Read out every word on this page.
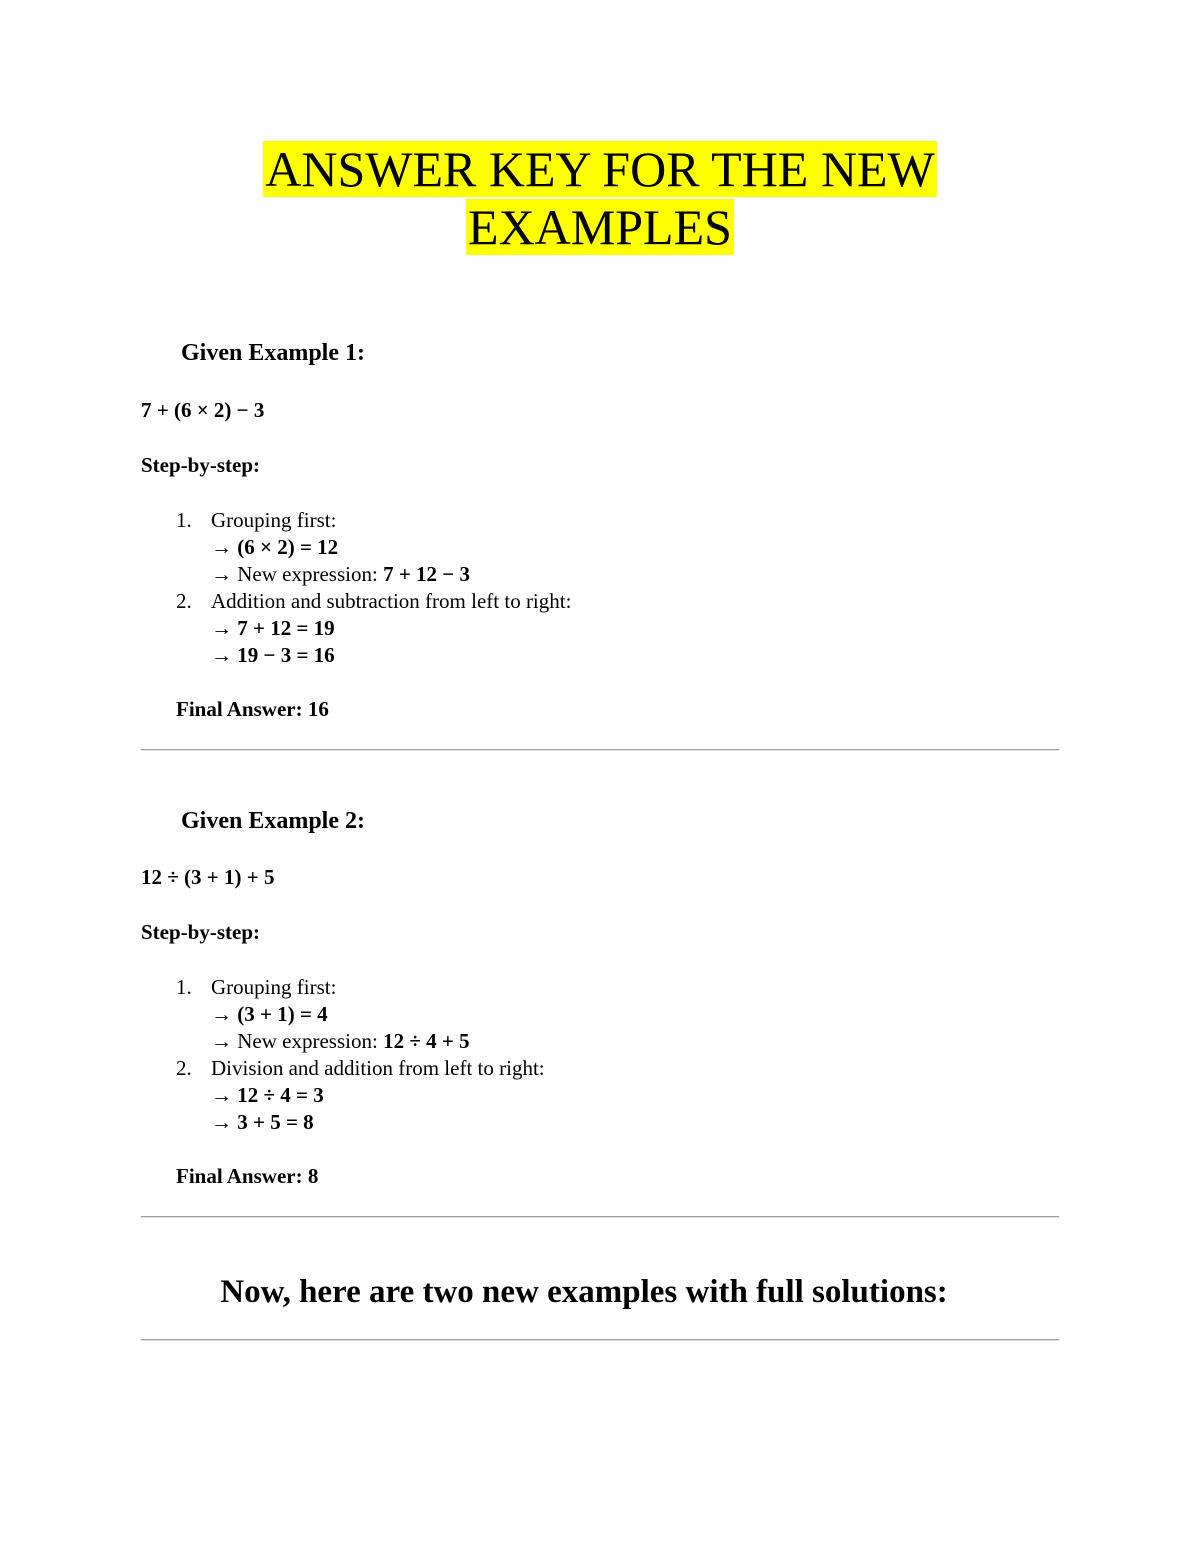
ANSWER KEY FOR THE NEW
EXAMPLES
Given Example 1:
7 + (6 × 2) − 3
Step-by-step:
1. Grouping first:
→ (6 × 2) = 12
→ New expression: 7 + 12 − 3
2. Addition and subtraction from left to right:
→ 7 + 12 = 19
→ 19 − 3 = 16
Final Answer: 16
Given Example 2:
12 ÷ (3 + 1) + 5
Step-by-step:
1. Grouping first:
→ (3 + 1) = 4
→ New expression: 12 ÷ 4 + 5
2. Division and addition from left to right:
→ 12 ÷ 4 = 3
→ 3 + 5 = 8
Final Answer: 8
Now, here are two new examples with full solutions:
